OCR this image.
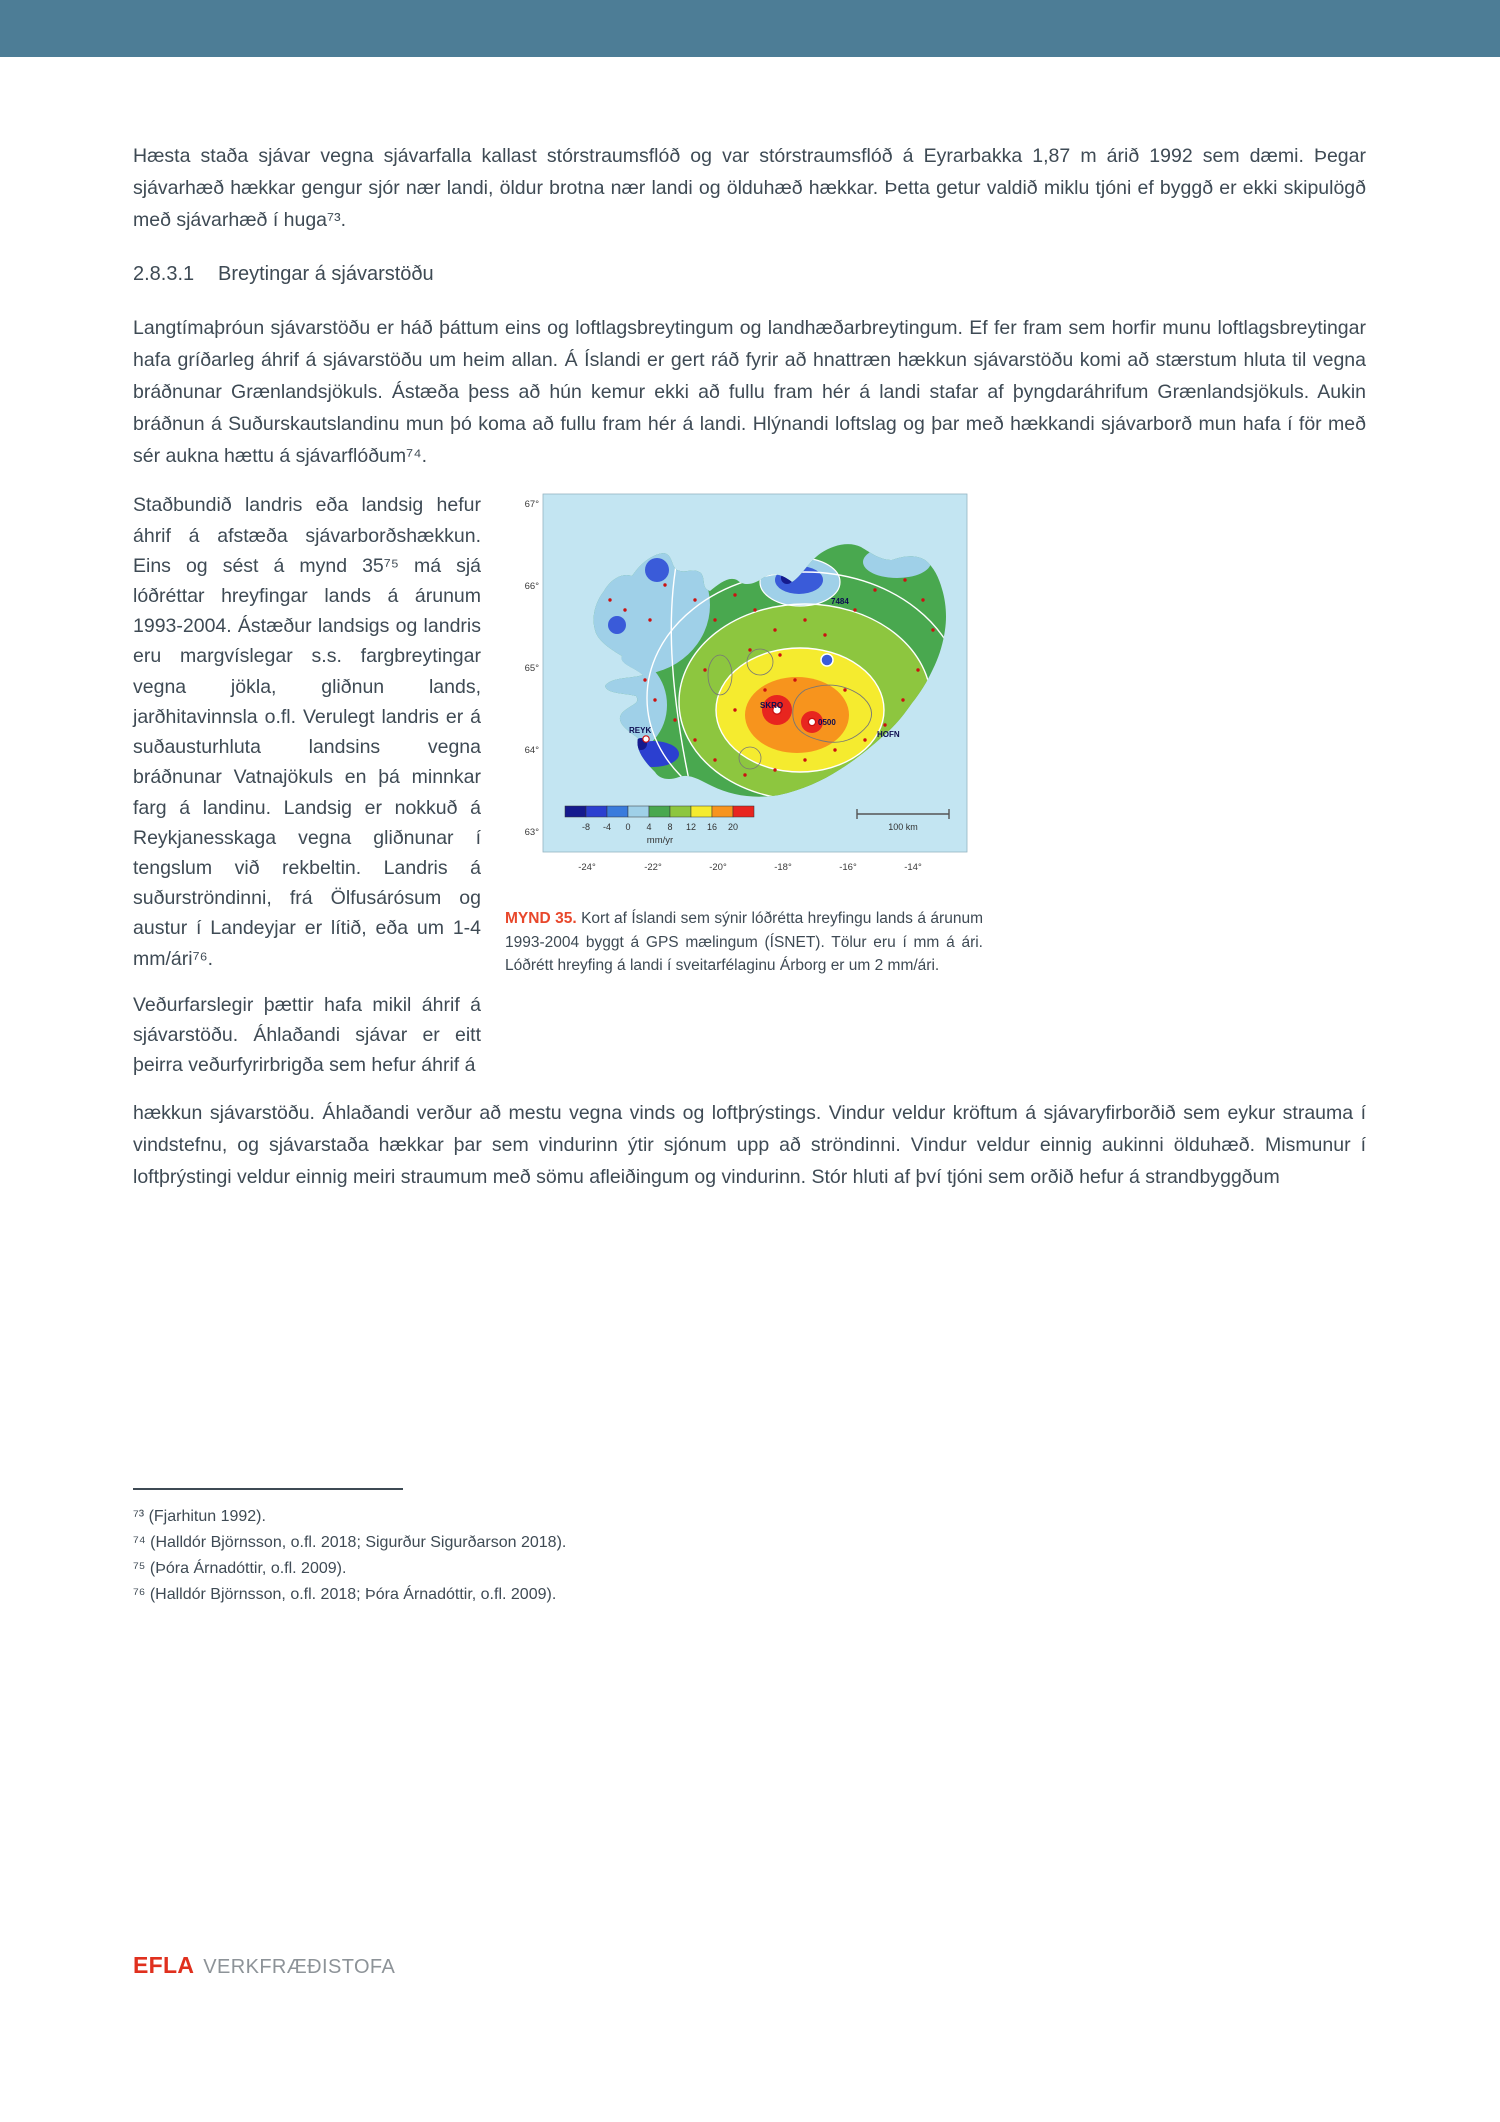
Hæsta staða sjávar vegna sjávarfalla kallast stórstraumsflóð og var stórstraumsflóð á Eyrarbakka 1,87 m árið 1992 sem dæmi. Þegar sjávarhæð hækkar gengur sjór nær landi, öldur brotna nær landi og ölduhæð hækkar. Þetta getur valdið miklu tjóni ef byggð er ekki skipulögð með sjávarhæð í huga⁷³.

2.8.3.1	Breytingar á sjávarstöðu

Langtímaþróun sjávarstöðu er háð þáttum eins og loftlagsbreytingum og landhæðarbreytingum. Ef fer fram sem horfir munu loftlagsbreytingar hafa gríðarleg áhrif á sjávarstöðu um heim allan. Á Íslandi er gert ráð fyrir að hnattræn hækkun sjávarstöðu komi að stærstum hluta til vegna bráðnunar Grænlandsjökuls. Ástæða þess að hún kemur ekki að fullu fram hér á landi stafar af þyngdaráhrifum Grænlandsjökuls. Aukin bráðnun á Suðurskautslandinu mun þó koma að fullu fram hér á landi. Hlýnandi loftslag og þar með hækkandi sjávarborð mun hafa í för með sér aukna hættu á sjávarflóðum⁷⁴.

Staðbundið landris eða landsig hefur áhrif á afstæða sjávarborðshækkun. Eins og sést á mynd 35⁷⁵ má sjá lóðréttar hreyfingar lands á árunum 1993-2004. Ástæður landsigs og landris eru margvíslegar s.s. fargbreytingar vegna jökla, gliðnun lands, jarðhitavinnsla o.fl. Verulegt landris er á suðausturhluta landsins vegna bráðnunar Vatnajökuls en þá minnkar farg á landinu. Landsig er nokkuð á Reykjanesskaga vegna gliðnunar í tengslum við rekbeltin. Landris á suðurströndinni, frá Ölfusárósum og austur í Landeyjar er lítið, eða um 1-4 mm/ári⁷⁶.

Veðurfarslegir þættir hafa mikil áhrif á sjávarstöðu. Áhlaðandi sjávar er eitt þeirra veðurfyrirbrigða sem hefur áhrif á

REYK
SKRO
0500
HOFN
7484
67°
66°
65°
64°
63°
-24°	-22°	-20°	-18°	-16°	-14°
-8 -4 0 4 8 12 16 20
mm/yr
100 km

MYND 35. Kort af Íslandi sem sýnir lóðrétta hreyfingu lands á árunum 1993-2004 byggt á GPS mælingum (ÍSNET). Tölur eru í mm á ári. Lóðrétt hreyfing á landi í sveitarfélaginu Árborg er um 2 mm/ári.

hækkun sjávarstöðu. Áhlaðandi verður að mestu vegna vinds og loftþrýstings. Vindur veldur kröftum á sjávaryfirborðið sem eykur strauma í vindstefnu, og sjávarstaða hækkar þar sem vindurinn ýtir sjónum upp að ströndinni. Vindur veldur einnig aukinni ölduhæð. Mismunur í loftþrýstingi veldur einnig meiri straumum með sömu afleiðingum og vindurinn. Stór hluti af því tjóni sem orðið hefur á strandbyggðum

⁷³ (Fjarhitun 1992).

⁷⁴ (Halldór Björnsson, o.fl. 2018; Sigurður Sigurðarson 2018).

⁷⁵ (Þóra Árnadóttir, o.fl. 2009).

⁷⁶ (Halldór Björnsson, o.fl. 2018; Þóra Árnadóttir, o.fl. 2009).

EFLA VERKFRÆÐISTOFA
